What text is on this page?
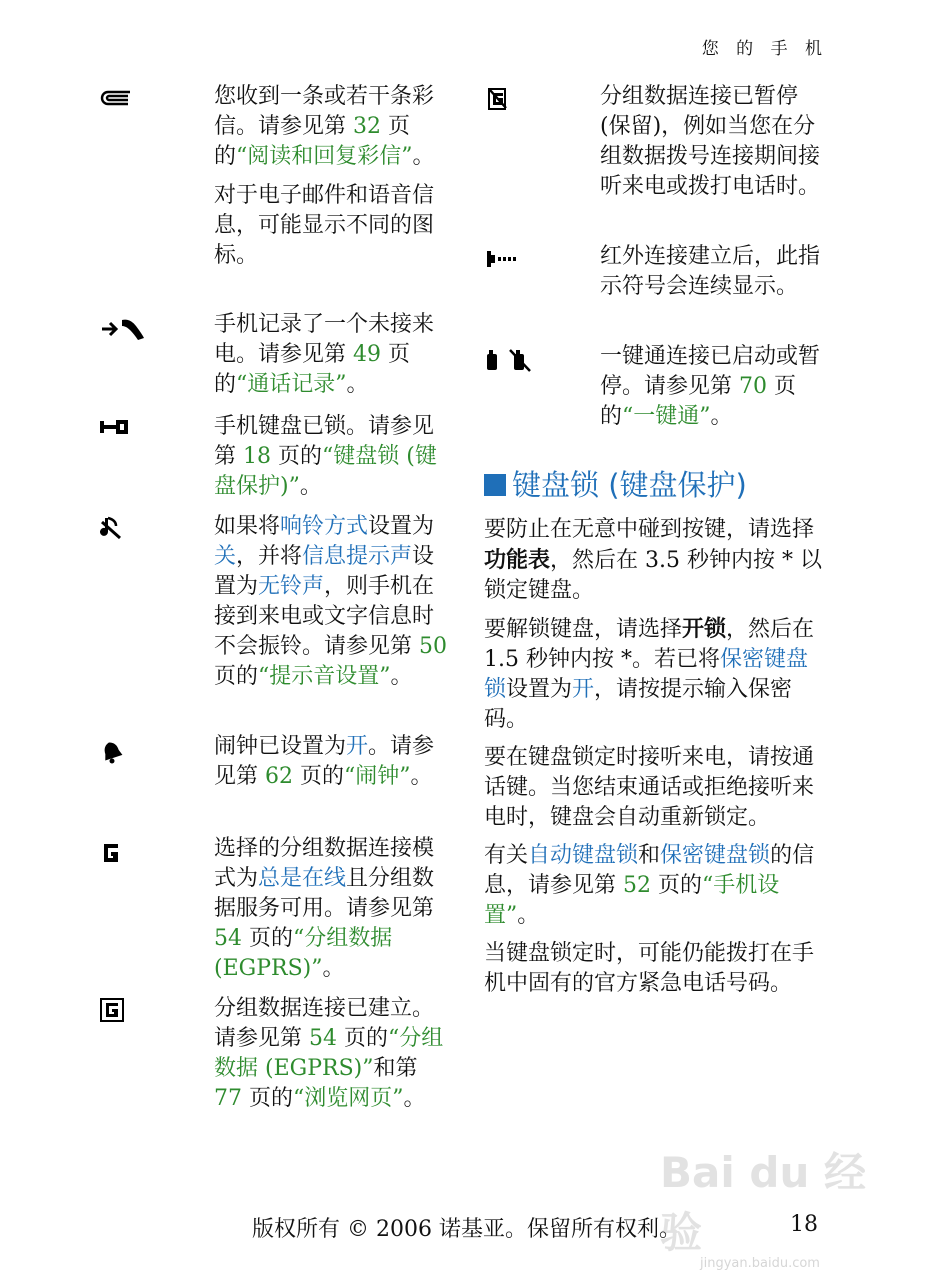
您 的 手 机

您收到一条或若干条彩信。请参见第 32 页的“阅读和回复彩信”。

对于电子邮件和语音信息，可能显示不同的图标。

手机记录了一个未接来电。请参见第 49 页的“通话记录”。

手机键盘已锁。请参见第 18 页的“键盘锁 (键盘保护)”。

如果将响铃方式设置为关，并将信息提示声设置为无铃声，则手机在接到来电或文字信息时不会振铃。请参见第 50 页的“提示音设置”。

闹钟已设置为开。请参见第 62 页的“闹钟”。

选择的分组数据连接模式为总是在线且分组数据服务可用。请参见第 54 页的“分组数据 (EGPRS)”。

分组数据连接已建立。请参见第 54 页的“分组数据 (EGPRS)”和第 77 页的“浏览网页”。

分组数据连接已暂停 (保留)，例如当您在分组数据拨号连接期间接听来电或拨打电话时。

红外连接建立后，此指示符号会连续显示。

一键通连接已启动或暂停。请参见第 70 页的“一键通”。

键盘锁 (键盘保护)

要防止在无意中碰到按键，请选择功能表，然后在 3.5 秒钟内按 * 以锁定键盘。

要解锁键盘，请选择开锁，然后在 1.5 秒钟内按 *。若已将保密键盘锁设置为开，请按提示输入保密码。

要在键盘锁定时接听来电，请按通话键。当您结束通话或拒绝接听来电时，键盘会自动重新锁定。

有关自动键盘锁和保密键盘锁的信息，请参见第 52 页的“手机设置”。

当键盘锁定时，可能仍能拨打在手机中固有的官方紧急电话号码。

Bai du 经验
jingyan.baidu.com
版权所有 © 2006 诺基亚。保留所有权利。	18
